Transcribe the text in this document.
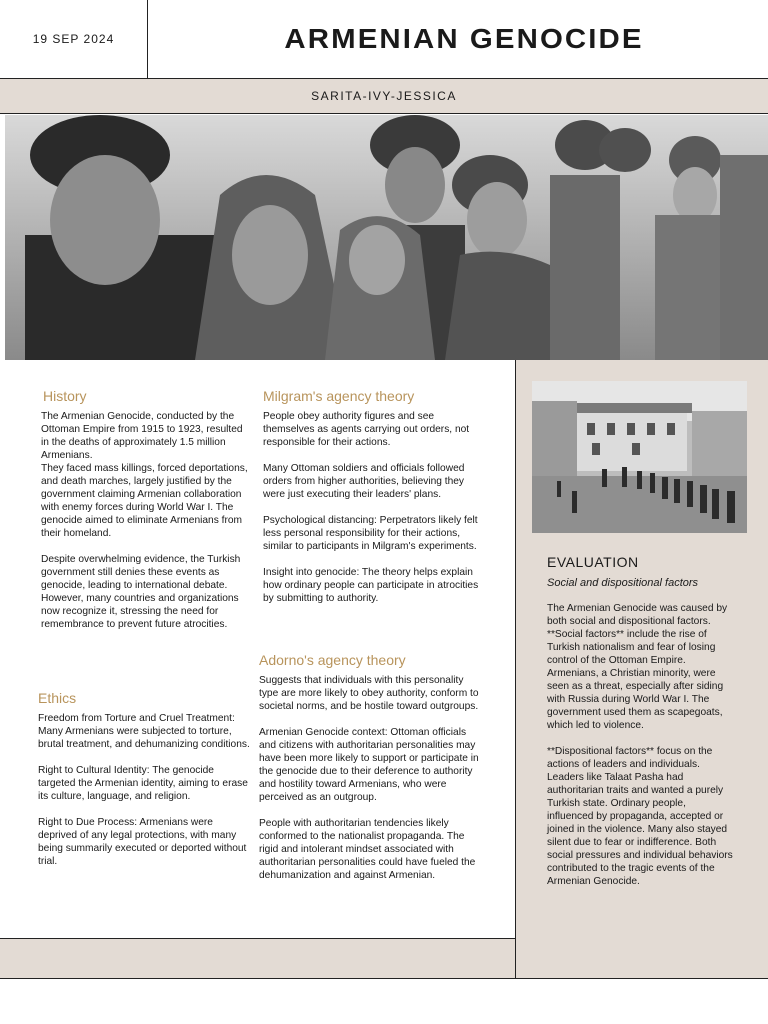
19 SEP 2024	ARMENIAN GENOCIDE
SARITA-IVY-JESSICA
History

The Armenian Genocide, conducted by the Ottoman Empire from 1915 to 1923, resulted in the deaths of approximately 1.5 million Armenians.
They faced mass killings, forced deportations, and death marches, largely justified by the government claiming Armenian collaboration with enemy forces during World War I. The genocide aimed to eliminate Armenians from their homeland.

Despite overwhelming evidence, the Turkish government still denies these events as genocide, leading to international debate. However, many countries and organizations now recognize it, stressing the need for remembrance to prevent future atrocities.

Ethics

Freedom from Torture and Cruel Treatment: Many Armenians were subjected to torture, brutal treatment, and dehumanizing conditions.

Right to Cultural Identity: The genocide targeted the Armenian identity, aiming to erase its culture, language, and religion.

Right to Due Process: Armenians were deprived of any legal protections, with many being summarily executed or deported without trial.

Milgram's agency theory

People obey authority figures and see themselves as agents carrying out orders, not responsible for their actions.

Many Ottoman soldiers and officials followed orders from higher authorities, believing they were just executing their leaders' plans.

Psychological distancing: Perpetrators likely felt less personal responsibility for their actions, similar to participants in Milgram's experiments.

Insight into genocide: The theory helps explain how ordinary people can participate in atrocities by submitting to authority.

Adorno's agency theory

Suggests that individuals with this personality type are more likely to obey authority, conform to societal norms, and be hostile toward outgroups.

Armenian Genocide context: Ottoman officials and citizens with authoritarian personalities may have been more likely to support or participate in the genocide due to their deference to authority and hostility toward Armenians, who were perceived as an outgroup.

People with authoritarian tendencies likely conformed to the nationalist propaganda. The rigid and intolerant mindset associated with authoritarian personalities could have fueled the dehumanization and against Armenian.

EVALUATION

Social and dispositional factors

The Armenian Genocide was caused by both social and dispositional factors. **Social factors** include the rise of Turkish nationalism and fear of losing control of the Ottoman Empire. Armenians, a Christian minority, were seen as a threat, especially after siding with Russia during World War I. The government used them as scapegoats, which led to violence.

**Dispositional factors** focus on the actions of leaders and individuals. Leaders like Talaat Pasha had authoritarian traits and wanted a purely Turkish state. Ordinary people, influenced by propaganda, accepted or joined in the violence. Many also stayed silent due to fear or indifference. Both social pressures and individual behaviors contributed to the tragic events of the Armenian Genocide.
